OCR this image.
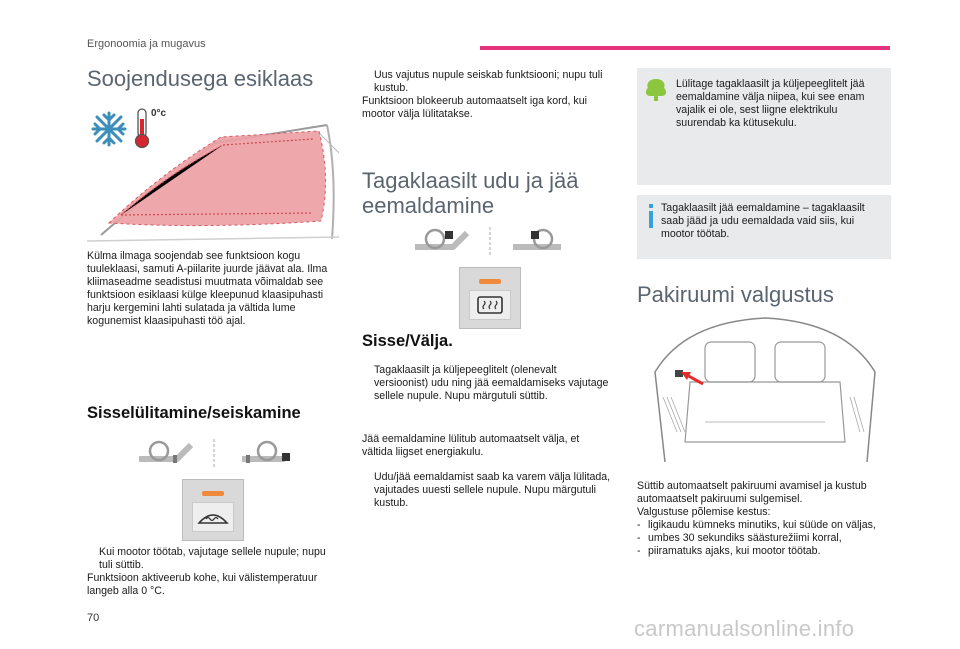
Ergonoomia ja mugavus
Soojendusega esiklaas
0°c

Külma ilmaga soojendab see funktsioon kogu tuuleklaasi, samuti A-piilarite juurde jäävat ala. Ilma kliimaseadme seadistusi muutmata võimaldab see funktsioon esiklaasi külge kleepunud klaasipuhasti harju kergemini lahti sulatada ja vältida lume kogunemist klaasipuhasti töö ajal.

Sisselülitamine/seiskamine
Kui mootor töötab, vajutage sellele nupule; nupu tuli süttib.
Funktsioon aktiveerub kohe, kui välistemperatuur langeb alla 0 °C.
Uus vajutus nupule seiskab funktsiooni; nupu tuli kustub.
Funktsioon blokeerub automaatselt iga kord, kui mootor välja lülitatakse.
Tagaklaasilt udu ja jää eemaldamine
Sisse/Välja.
Tagaklaasilt ja küljepeeglitelt (olenevalt versioonist) udu ning jää eemaldamiseks vajutage sellele nupule. Nupu märgutuli süttib.

Jää eemaldamine lülitub automaatselt välja, et vältida liigset energiakulu.

Udu/jää eemaldamist saab ka varem välja lülitada, vajutades uuesti sellele nupule. Nupu märgutuli kustub.

Lülitage tagaklaasilt ja küljepeeglitelt jää eemaldamine välja niipea, kui see enam vajalik ei ole, sest liigne elektrikulu suurendab ka kütusekulu.

Tagaklaasilt jää eemaldamine – tagaklaasilt saab jääd ja udu eemaldada vaid siis, kui mootor töötab.

Pakiruumi valgustus

Süttib automaatselt pakiruumi avamisel ja kustub automaatselt pakiruumi sulgemisel.

Valgustuse põlemise kestus:

- ligikaudu kümneks minutiks, kui süüde on väljas,
- umbes 30 sekundiks säästurežiimi korral,
- piiramatuks ajaks, kui mootor töötab.
70	carmanualsonline.info
